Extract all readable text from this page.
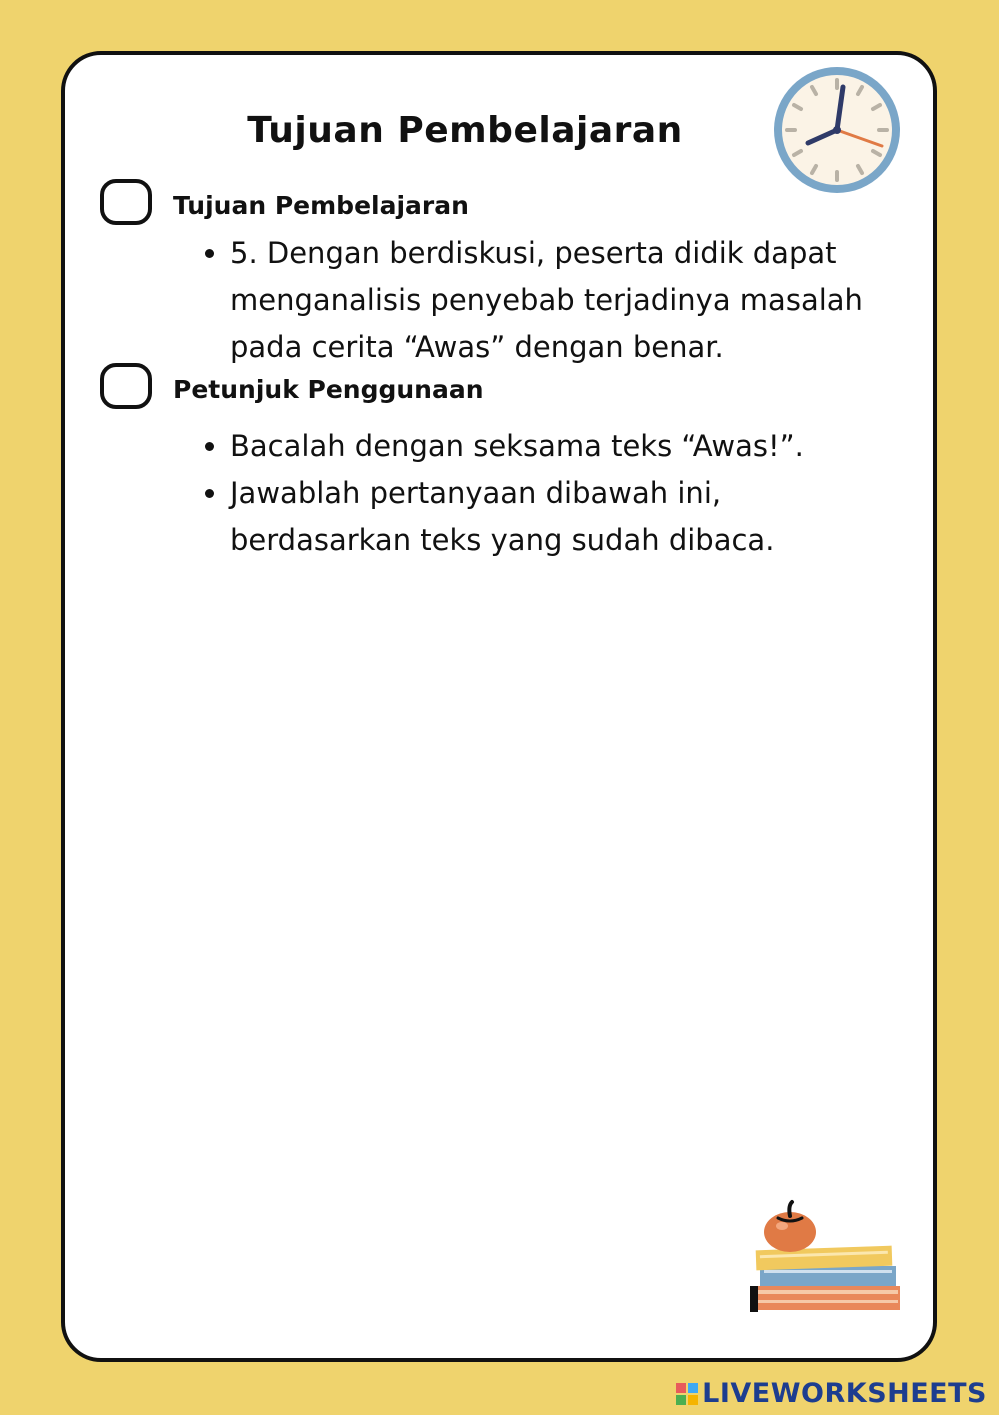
Tujuan Pembelajaran
Tujuan Pembelajaran
• 5. Dengan berdiskusi, peserta didik dapat menganalisis penyebab terjadinya masalah pada cerita “Awas” dengan benar.
Petunjuk Penggunaan
• Bacalah dengan seksama teks “Awas!”.
• Jawablah pertanyaan dibawah ini, berdasarkan teks yang sudah dibaca.
LIVEWORKSHEETS
